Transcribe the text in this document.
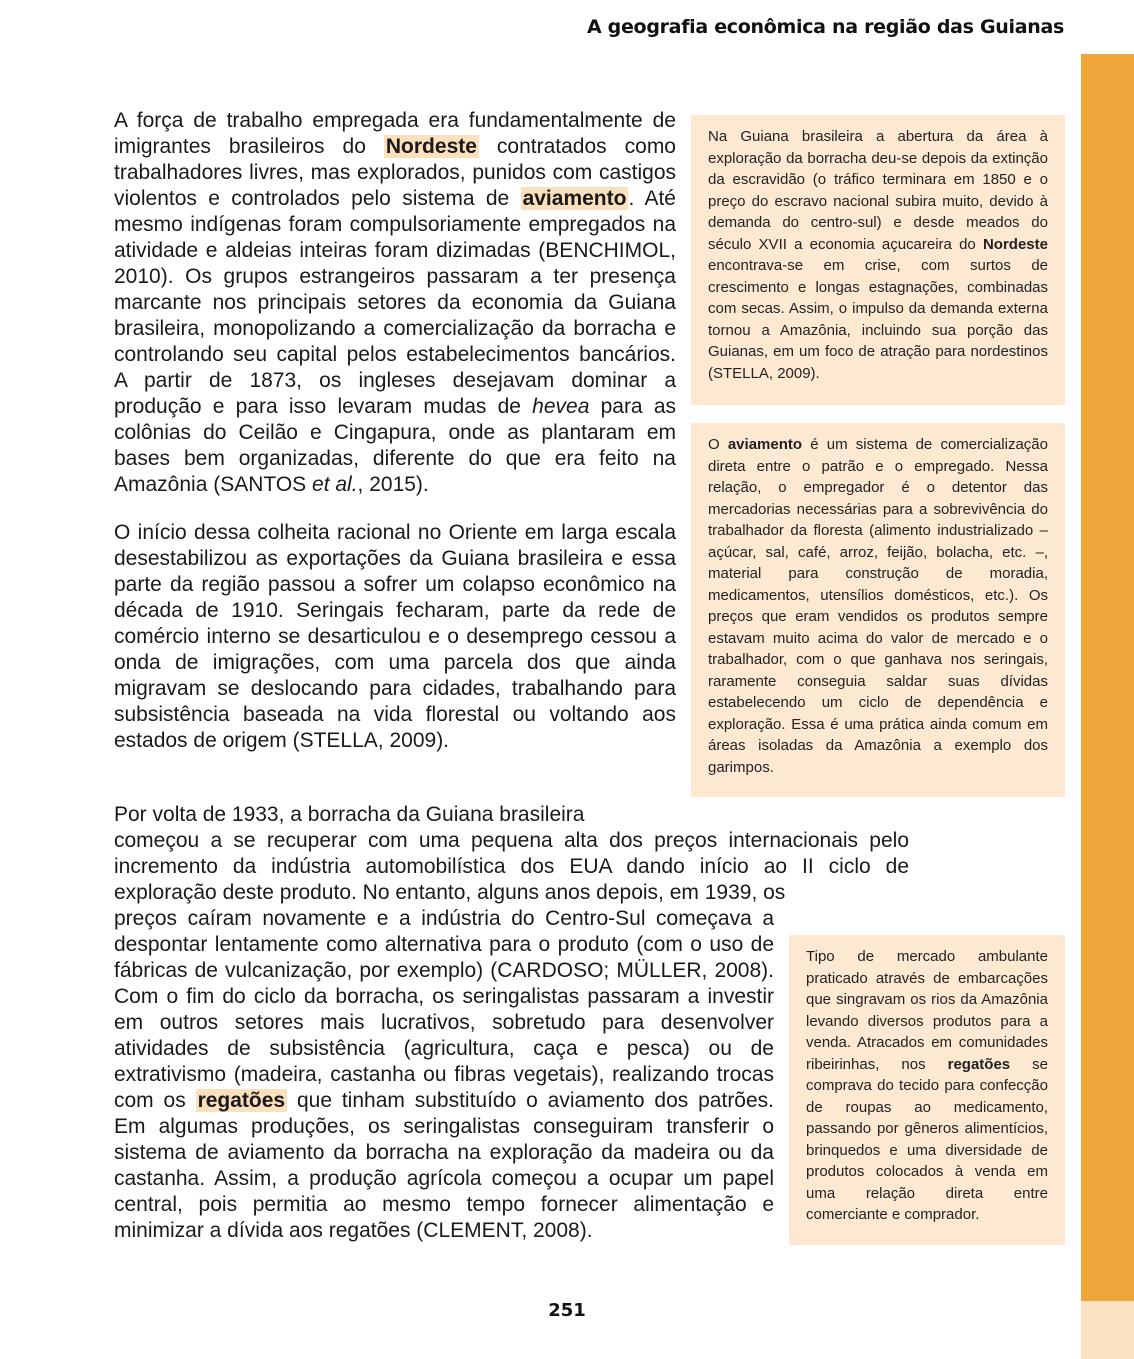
A geografia econômica na região das Guianas
A força de trabalho empregada era fundamentalmente de imigrantes brasileiros do Nordeste contratados como trabalhadores livres, mas explorados, punidos com castigos violentos e controlados pelo sistema de aviamento. Até mesmo indígenas foram compulsoriamente empregados na atividade e aldeias inteiras foram dizimadas (BENCHIMOL, 2010). Os grupos estrangeiros passaram a ter presença marcante nos principais setores da economia da Guiana brasileira, monopolizando a comercialização da borracha e controlando seu capital pelos estabelecimentos bancários. A partir de 1873, os ingleses desejavam dominar a produção e para isso levaram mudas de hevea para as colônias do Ceilão e Cingapura, onde as plantaram em bases bem organizadas, diferente do que era feito na Amazônia (SANTOS et al., 2015).
O início dessa colheita racional no Oriente em larga escala desestabilizou as exportações da Guiana brasileira e essa parte da região passou a sofrer um colapso econômico na década de 1910. Seringais fecharam, parte da rede de comércio interno se desarticulou e o desemprego cessou a onda de imigrações, com uma parcela dos que ainda migravam se deslocando para cidades, trabalhando para subsistência baseada na vida florestal ou voltando aos estados de origem (STELLA, 2009).
Por volta de 1933, a borracha da Guiana brasileira
começou a se recuperar com uma pequena alta dos preços internacionais pelo incremento da indústria automobilística dos EUA dando início ao II ciclo de exploração deste produto. No entanto, alguns anos depois, em 1939, os
preços caíram novamente e a indústria do Centro-Sul começava a despontar lentamente como alternativa para o produto (com o uso de fábricas de vulcanização, por exemplo) (CARDOSO; MÜLLER, 2008). Com o fim do ciclo da borracha, os seringalistas passaram a investir em outros setores mais lucrativos, sobretudo para desenvolver atividades de subsistência (agricultura, caça e pesca) ou de extrativismo (madeira, castanha ou fibras vegetais), realizando trocas com os regatões que tinham substituído o aviamento dos patrões. Em algumas produções, os seringalistas conseguiram transferir o sistema de aviamento da borracha na exploração da madeira ou da castanha. Assim, a produção agrícola começou a ocupar um papel central, pois permitia ao mesmo tempo fornecer alimentação e minimizar a dívida aos regatões (CLEMENT, 2008).
Na Guiana brasileira a abertura da área à exploração da borracha deu-se depois da extinção da escravidão (o tráfico terminara em 1850 e o preço do escravo nacional subira muito, devido à demanda do centro-sul) e desde meados do século XVII a economia açucareira do Nordeste encontrava-se em crise, com surtos de crescimento e longas estagnações, combinadas com secas. Assim, o impulso da demanda externa tornou a Amazônia, incluindo sua porção das Guianas, em um foco de atração para nordestinos (STELLA, 2009).
O aviamento é um sistema de comercialização direta entre o patrão e o empregado. Nessa relação, o empregador é o detentor das mercadorias necessárias para a sobrevivência do trabalhador da floresta (alimento industrializado – açúcar, sal, café, arroz, feijão, bolacha, etc. –, material para construção de moradia, medicamentos, utensílios domésticos, etc.). Os preços que eram vendidos os produtos sempre estavam muito acima do valor de mercado e o trabalhador, com o que ganhava nos seringais, raramente conseguia saldar suas dívidas estabelecendo um ciclo de dependência e exploração. Essa é uma prática ainda comum em áreas isoladas da Amazônia a exemplo dos garimpos.
Tipo de mercado ambulante praticado através de embarcações que singravam os rios da Amazônia levando diversos produtos para a venda. Atracados em comunidades ribeirinhas, nos regatões se comprava do tecido para confecção de roupas ao medicamento, passando por gêneros alimentícios, brinquedos e uma diversidade de produtos colocados à venda em uma relação direta entre comerciante e comprador.
251
